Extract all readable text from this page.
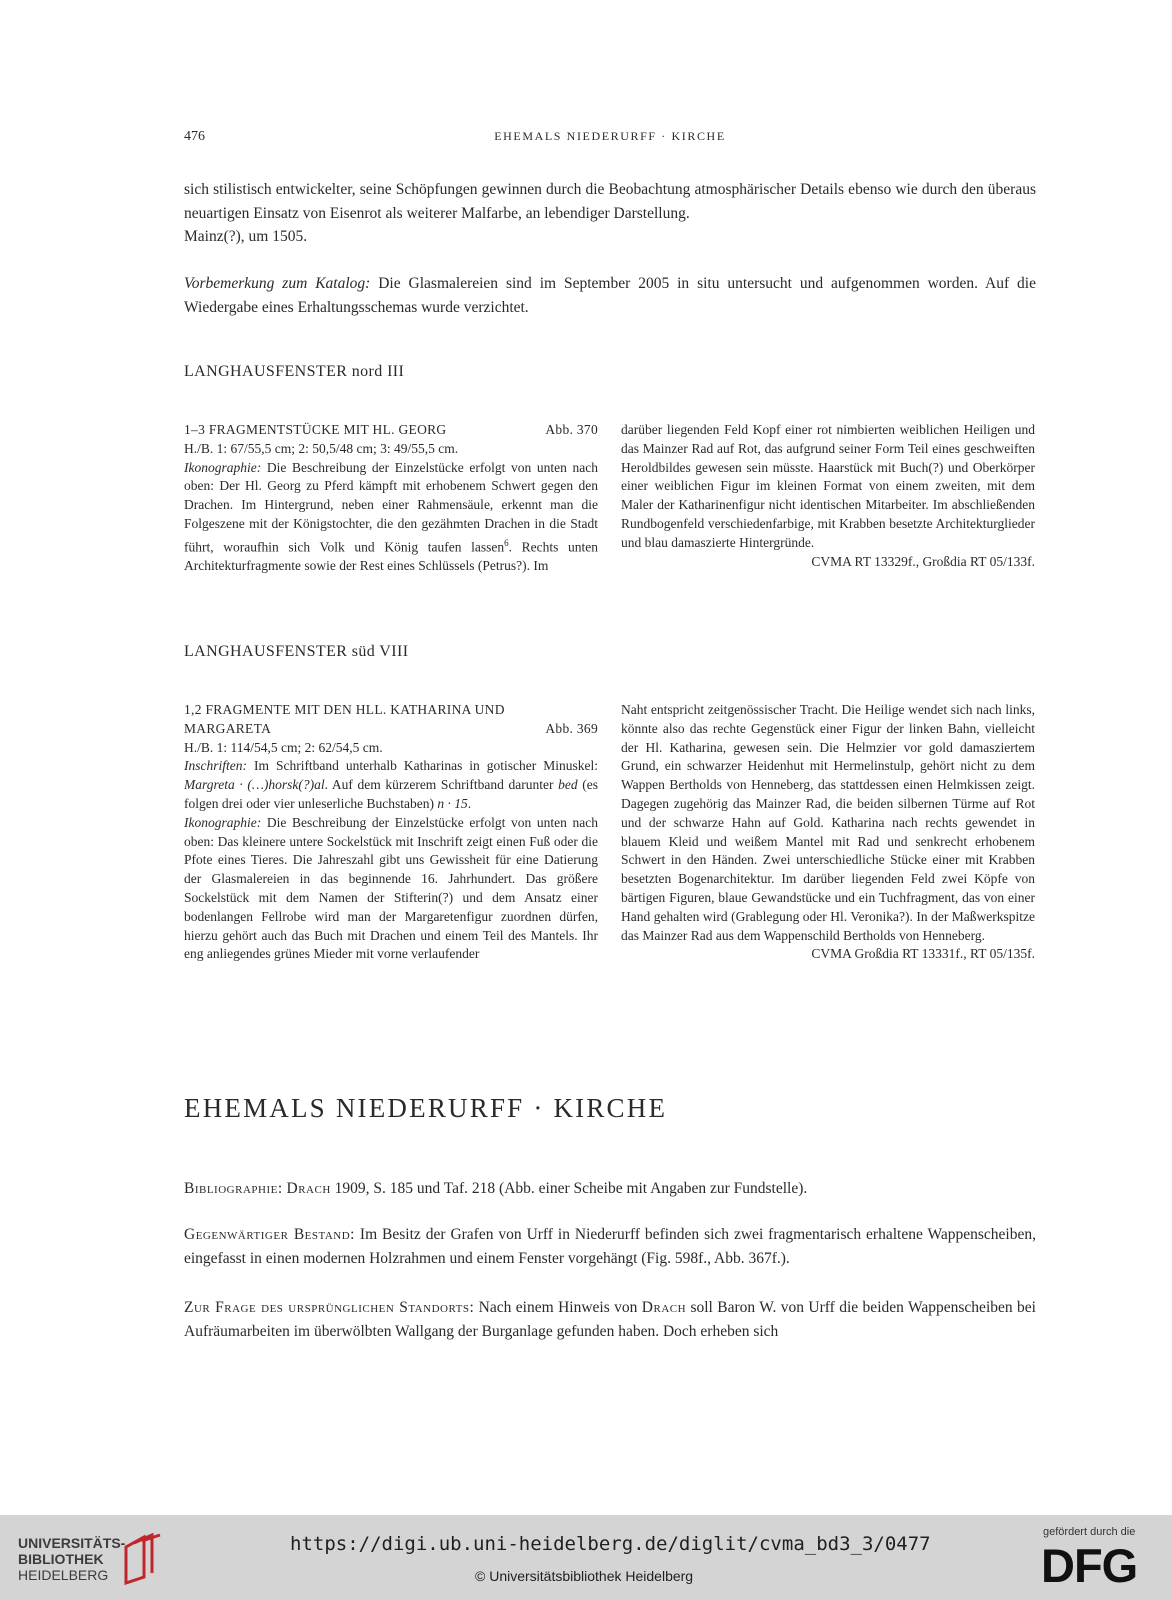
476	EHEMALS NIEDERURFF · KIRCHE
sich stilistisch entwickelter, seine Schöpfungen gewinnen durch die Beobachtung atmosphärischer Details ebenso wie durch den überaus neuartigen Einsatz von Eisenrot als weiterer Malfarbe, an lebendiger Darstellung.
Mainz(?), um 1505.
Vorbemerkung zum Katalog: Die Glasmalereien sind im September 2005 in situ untersucht und aufgenommen worden. Auf die Wiedergabe eines Erhaltungsschemas wurde verzichtet.
LANGHAUSFENSTER nord III
1–3 FRAGMENTSTÜCKE MIT HL. GEORG	Abb. 370
H./B. 1: 67/55,5 cm; 2: 50,5/48 cm; 3: 49/55,5 cm.
Ikonographie: Die Beschreibung der Einzelstücke erfolgt von unten nach oben: Der Hl. Georg zu Pferd kämpft mit erhobenem Schwert gegen den Drachen. Im Hintergrund, neben einer Rahmensäule, erkennt man die Folgeszene mit der Königstochter, die den gezähmten Drachen in die Stadt führt, woraufhin sich Volk und König taufen lassen$^6$. Rechts unten Architekturfragmente sowie der Rest eines Schlüssels (Petrus?). Im
darüber liegenden Feld Kopf einer rot nimbierten weiblichen Heiligen und das Mainzer Rad auf Rot, das aufgrund seiner Form Teil eines geschweiften Heroldbildes gewesen sein müsste. Haarstück mit Buch(?) und Oberkörper einer weiblichen Figur im kleinen Format von einem zweiten, mit dem Maler der Katharinenfigur nicht identischen Mitarbeiter. Im abschließenden Rundbogenfeld verschiedenfarbige, mit Krabben besetzte Architekturglieder und blau damaszierte Hintergründe.
CVMA RT 13329f., Großdia RT 05/133f.
LANGHAUSFENSTER süd VIII
1,2 FRAGMENTE MIT DEN HLL. KATHARINA UND
MARGARETA	Abb. 369
H./B. 1: 114/54,5 cm; 2: 62/54,5 cm.
Inschriften: Im Schriftband unterhalb Katharinas in gotischer Minuskel: Margreta · (…)horsk(?)al. Auf dem kürzerem Schriftband darunter bed (es folgen drei oder vier unleserliche Buchstaben) n · 15.
Ikonographie: Die Beschreibung der Einzelstücke erfolgt von unten nach oben: Das kleinere untere Sockelstück mit Inschrift zeigt einen Fuß oder die Pfote eines Tieres. Die Jahreszahl gibt uns Gewissheit für eine Datierung der Glasmalereien in das beginnende 16. Jahrhundert. Das größere Sockelstück mit dem Namen der Stifterin(?) und dem Ansatz einer bodenlangen Fellrobe wird man der Margaretenfigur zuordnen dürfen, hierzu gehört auch das Buch mit Drachen und einem Teil des Mantels. Ihr eng anliegendes grünes Mieder mit vorne verlaufender
Naht entspricht zeitgenössischer Tracht. Die Heilige wendet sich nach links, könnte also das rechte Gegenstück einer Figur der linken Bahn, vielleicht der Hl. Katharina, gewesen sein. Die Helmzier vor gold damasziertem Grund, ein schwarzer Heidenhut mit Hermelinstulp, gehört nicht zu dem Wappen Bertholds von Henneberg, das stattdessen einen Helmkissen zeigt. Dagegen zugehörig das Mainzer Rad, die beiden silbernen Türme auf Rot und der schwarze Hahn auf Gold. Katharina nach rechts gewendet in blauem Kleid und weißem Mantel mit Rad und senkrecht erhobenem Schwert in den Händen. Zwei unterschiedliche Stücke einer mit Krabben besetzten Bogenarchitektur. Im darüber liegenden Feld zwei Köpfe von bärtigen Figuren, blaue Gewandstücke und ein Tuchfragment, das von einer Hand gehalten wird (Grablegung oder Hl. Veronika?). In der Maßwerkspitze das Mainzer Rad aus dem Wappenschild Bertholds von Henneberg.
CVMA Großdia RT 13331f., RT 05/135f.
EHEMALS NIEDERURFF · KIRCHE
Bibliographie: Drach 1909, S. 185 und Taf. 218 (Abb. einer Scheibe mit Angaben zur Fundstelle).
Gegenwärtiger Bestand: Im Besitz der Grafen von Urff in Niederurff befinden sich zwei fragmentarisch erhaltene Wappenscheiben, eingefasst in einen modernen Holzrahmen und einem Fenster vorgehängt (Fig. 598f., Abb. 367f.).
Zur Frage des ursprünglichen Standorts: Nach einem Hinweis von Drach soll Baron W. von Urff die beiden Wappenscheiben bei Aufräumarbeiten im überwölbten Wallgang der Burganlage gefunden haben. Doch erheben sich
UNIVERSITÄTS-
BIBLIOTHEK
HEIDELBERG
https://digi.ub.uni-heidelberg.de/diglit/cvma_bd3_3/0477
© Universitätsbibliothek Heidelberg
gefördert durch die
DFG
